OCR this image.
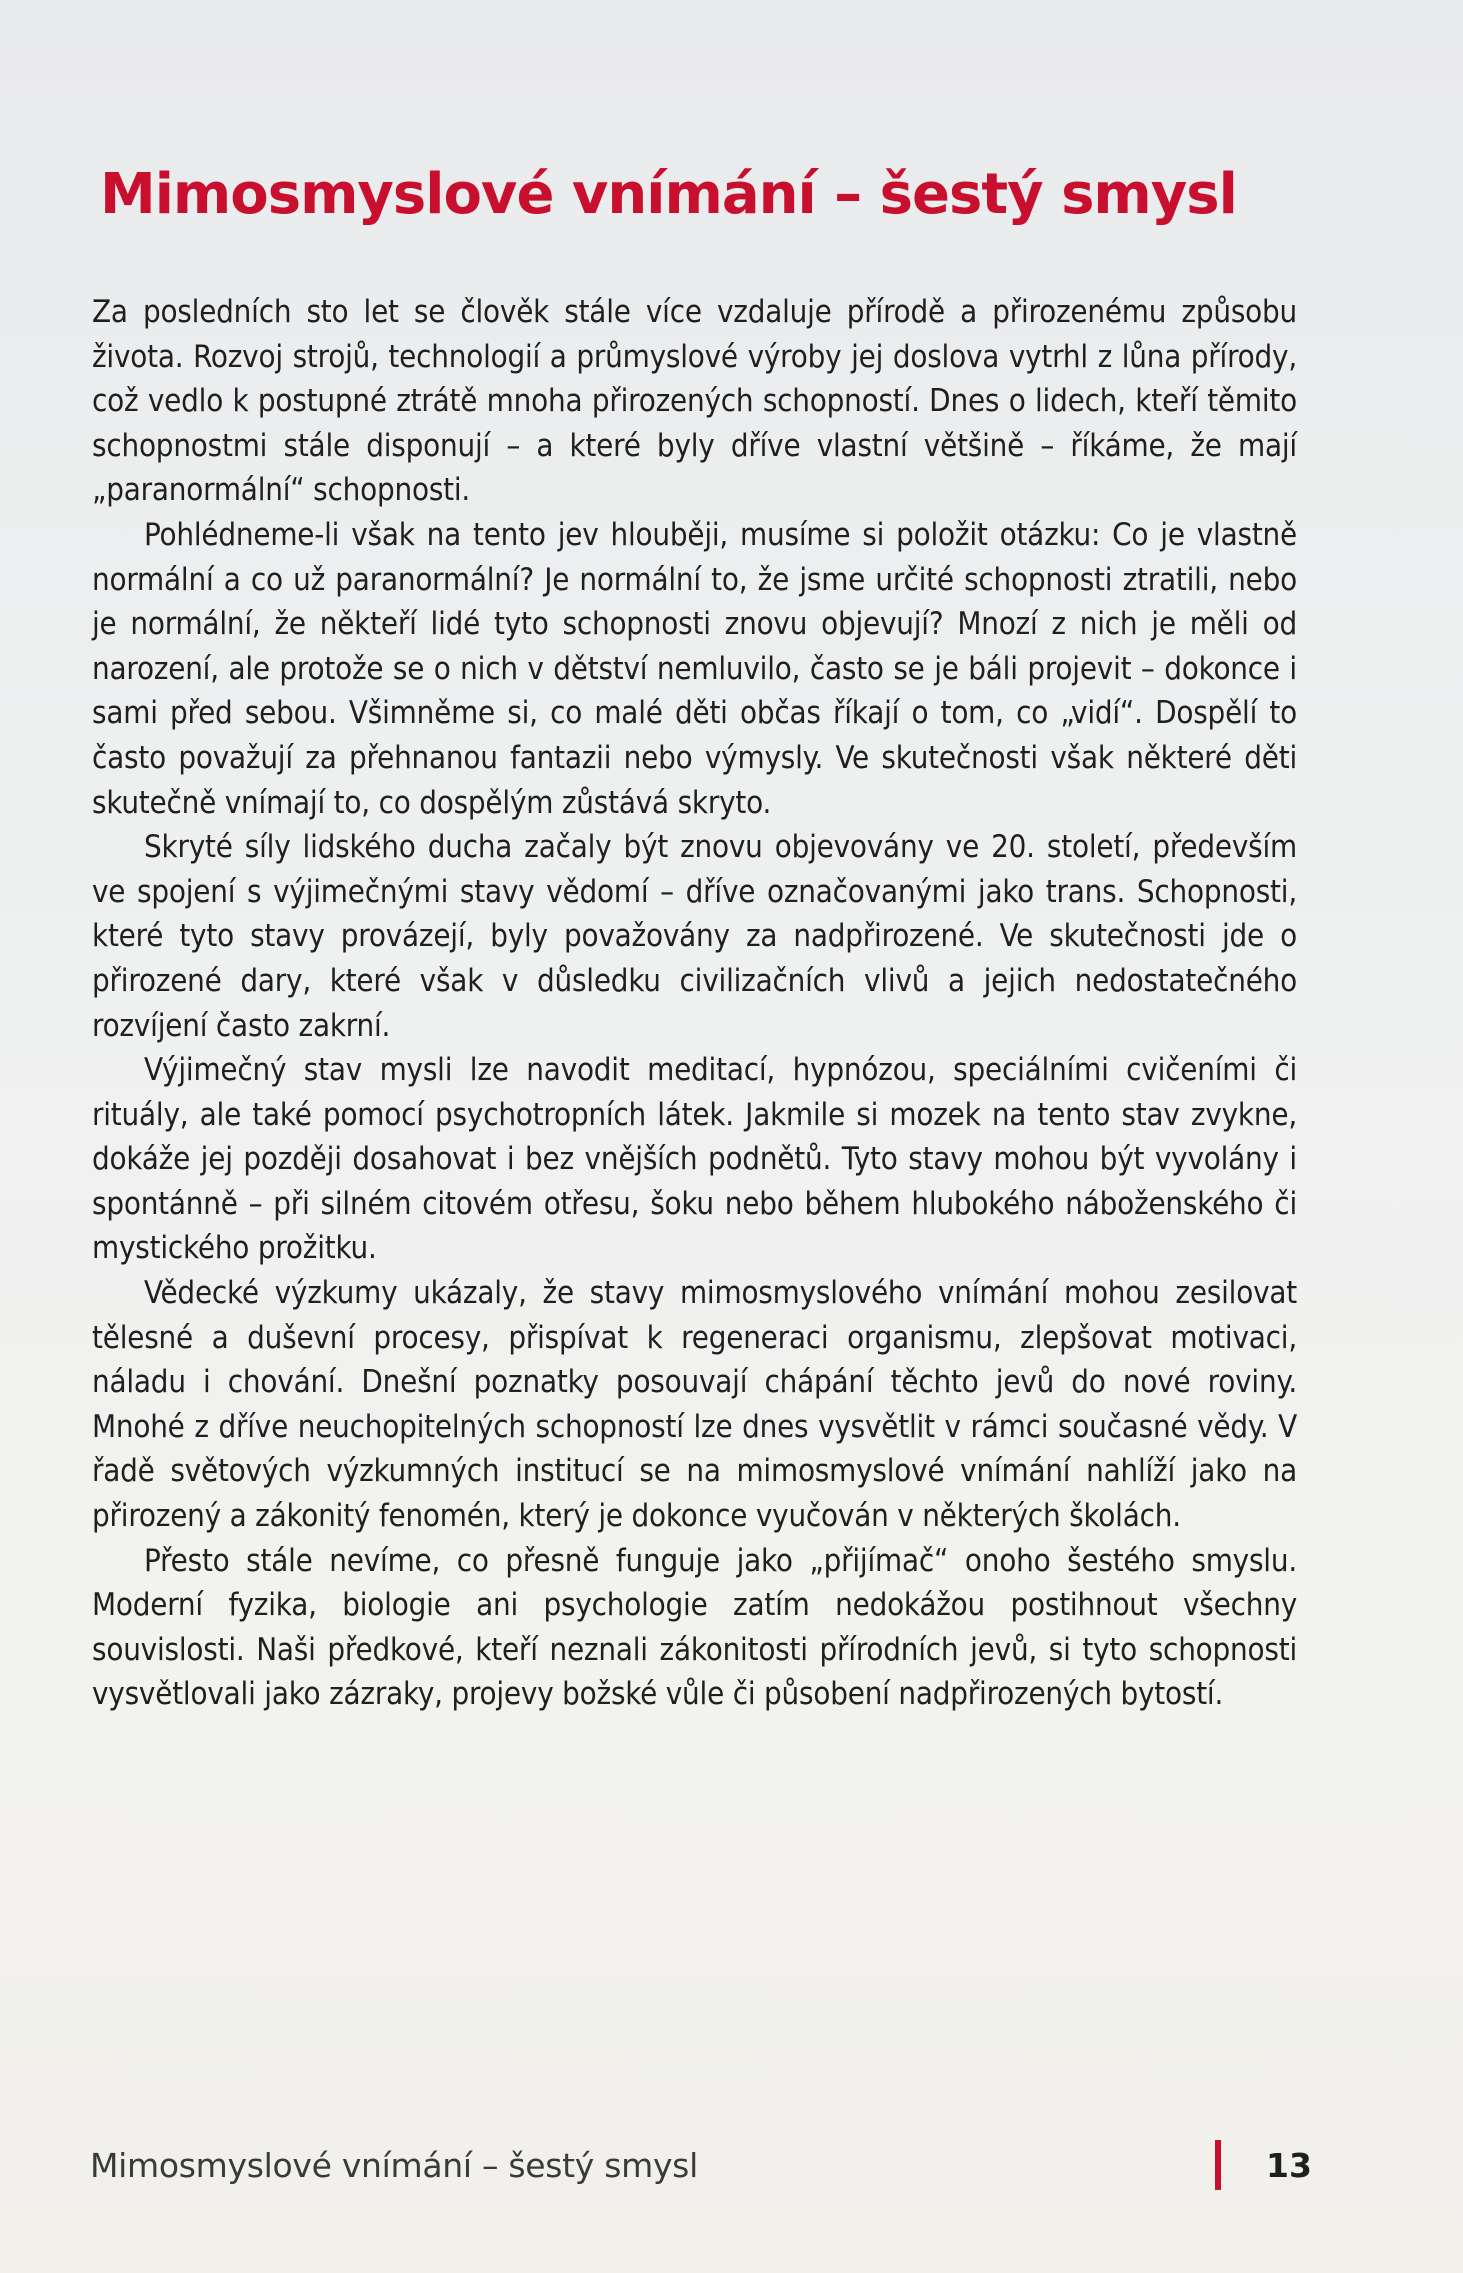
Mimosmyslové vnímání – šestý smysl

Za posledních sto let se člověk stále více vzdaluje přírodě a přirozenému způsobu života. Rozvoj strojů, technologií a průmyslové výroby jej doslova vytrhl z lůna přírody, což vedlo k postupné ztrátě mnoha přirozených schopností. Dnes o lidech, kteří těmito schopnostmi stále disponují – a které byly dříve vlastní většině – říkáme, že mají „paranormální“ schopnosti.

Pohlédneme-li však na tento jev hlouběji, musíme si položit otázku: Co je vlastně normální a co už paranormální? Je normální to, že jsme určité schopnosti ztratili, nebo je normální, že někteří lidé tyto schopnosti znovu objevují? Mnozí z nich je měli od narození, ale protože se o nich v dětství nemluvilo, často se je báli projevit – dokonce i sami před sebou. Všimněme si, co malé děti občas říkají o tom, co „vidí“. Dospělí to často považují za přehnanou fantazii nebo výmysly. Ve skutečnosti však některé děti skutečně vnímají to, co dospělým zůstává skryto.

Skryté síly lidského ducha začaly být znovu objevovány ve 20. století, především ve spojení s výjimečnými stavy vědomí – dříve označovanými jako trans. Schopnosti, které tyto stavy provázejí, byly považovány za nadpřirozené. Ve skutečnosti jde o přirozené dary, které však v důsledku civilizačních vlivů a jejich nedostatečného rozvíjení často zakrní.

Výjimečný stav mysli lze navodit meditací, hypnózou, speciálními cvičeními či rituály, ale také pomocí psychotropních látek. Jakmile si mozek na tento stav zvykne, dokáže jej později dosahovat i bez vnějších podnětů. Tyto stavy mohou být vyvolány i spontánně – při silném citovém otřesu, šoku nebo během hlubokého náboženského či mystického prožitku.

Vědecké výzkumy ukázaly, že stavy mimosmyslového vnímání mohou zesilovat tělesné a duševní procesy, přispívat k regeneraci organismu, zlepšovat motivaci, náladu i chování. Dnešní poznatky posouvají chápání těchto jevů do nové roviny. Mnohé z dříve neuchopitelných schopností lze dnes vysvětlit v rámci současné vědy. V řadě světových výzkumných institucí se na mimosmyslové vnímání nahlíží jako na přirozený a zákonitý fenomén, který je dokonce vyučován v některých školách.

Přesto stále nevíme, co přesně funguje jako „přijímač“ onoho šestého smyslu. Moderní fyzika, biologie ani psychologie zatím nedokážou postihnout všechny souvislosti. Naši předkové, kteří neznali zákonitosti přírodních jevů, si tyto schopnosti vysvětlovali jako zázraky, projevy božské vůle či působení nadpřirozených bytostí.

Mimosmyslové vnímání – šestý smysl	13
